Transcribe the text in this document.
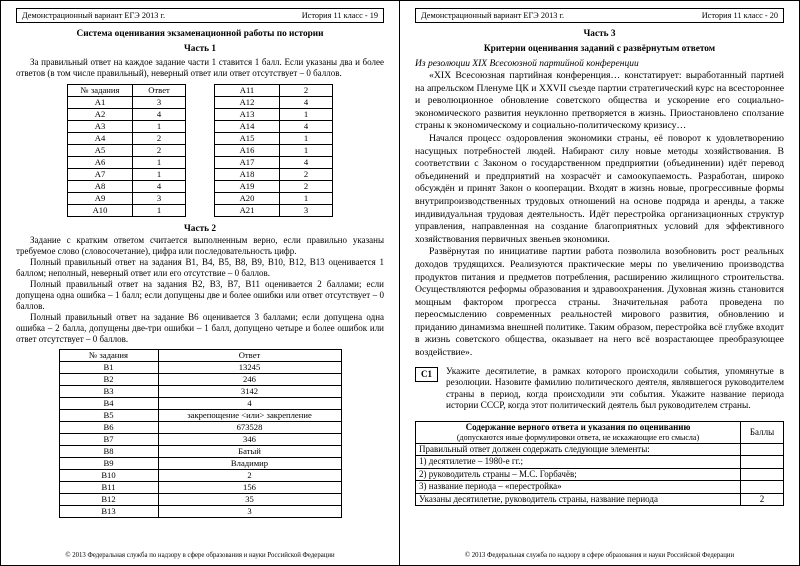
Демонстрационный вариант ЕГЭ 2013 г.	История 11 класс - 19
Система оценивания экзаменационной работы по истории
Часть 1

За правильный ответ на каждое задание части 1 ставится 1 балл. Если указаны два и более ответов (в том числе правильный), неверный ответ или ответ отсутствует – 0 баллов.

№ задания	Ответ
А1	3
А2	4
А3	1
А4	2
А5	2
А6	1
А7	1
А8	4
А9	3
А10	1
А11	2
А12	4
А13	1
А14	4
А15	1
А16	1
А17	4
А18	2
А19	2
А20	1
А21	3
Часть 2

Задание с кратким ответом считается выполненным верно, если правильно указаны требуемое слово (словосочетание), цифра или последовательность цифр.

Полный правильный ответ на задания В1, В4, В5, В8, В9, В10, В12, В13 оценивается 1 баллом; неполный, неверный ответ или его отсутствие – 0 баллов.

Полный правильный ответ на задания В2, В3, В7, В11 оценивается 2 баллами; если допущена одна ошибка – 1 балл; если допущены две и более ошибки или ответ отсутствует – 0 баллов.

Полный правильный ответ на задание В6 оценивается 3 баллами; если допущена одна ошибка – 2 балла, допущены две-три ошибки – 1 балл, допущено четыре и более ошибок или ответ отсутствует – 0 баллов.

№ задания	Ответ
В1	13245
В2	246
В3	3142
В4	4
В5	закрепощение <или> закрепление
В6	673528
В7	346
В8	Батый
В9	Владимир
В10	2
В11	156
В12	35
В13	3
© 2013 Федеральная служба по надзору в сфере образования и науки Российской Федерации
Демонстрационный вариант ЕГЭ 2013 г.	История 11 класс - 20
Часть 3
Критерии оценивания заданий с развёрнутым ответом
Из резолюции XIX Всесоюзной партийной конференции

«XIX Всесоюзная партийная конференция… констатирует: выработанный партией на апрельском Пленуме ЦК и XXVII съезде партии стратегический курс на всестороннее и революционное обновление советского общества и ускорение его социально-экономического развития неуклонно претворяется в жизнь. Приостановлено сползание страны к экономическому и социально-политическому кризису…

Начался процесс оздоровления экономики страны, её поворот к удовлетворению насущных потребностей людей. Набирают силу новые методы хозяйствования. В соответствии с Законом о государственном предприятии (объединении) идёт перевод объединений и предприятий на хозрасчёт и самоокупаемость. Разработан, широко обсуждён и принят Закон о кооперации. Входят в жизнь новые, прогрессивные формы внутрипроизводственных трудовых отношений на основе подряда и аренды, а также индивидуальная трудовая деятельность. Идёт перестройка организационных структур управления, направленная на создание благоприятных условий для эффективного хозяйствования первичных звеньев экономики.

Развёрнутая по инициативе партии работа позволила возобновить рост реальных доходов трудящихся. Реализуются практические меры по увеличению производства продуктов питания и предметов потребления, расширению жилищного строительства. Осуществляются реформы образования и здравоохранения. Духовная жизнь становится мощным фактором прогресса страны. Значительная работа проведена по переосмыслению современных реальностей мирового развития, обновлению и приданию динамизма внешней политике. Таким образом, перестройка всё глубже входит в жизнь советского общества, оказывает на него всё возрастающее преобразующее воздействие».

С1	Укажите десятилетие, в рамках которого происходили события, упомянутые в резолюции. Назовите фамилию политического деятеля, являвшегося руководителем страны в период, когда происходили эти события. Укажите название периода истории СССР, когда этот политический деятель был руководителем страны.

Содержание верного ответа и указания по оцениванию
(допускаются иные формулировки ответа, не искажающие его смысла)	Баллы
Правильный ответ должен содержать следующие элементы:	
1) десятилетие – 1980-е гг.;	
2) руководитель страны – М.С. Горбачёв;	
3) название периода – «перестройка»	
Указаны десятилетие, руководитель страны, название периода	2
© 2013 Федеральная служба по надзору в сфере образования и науки Российской Федерации
